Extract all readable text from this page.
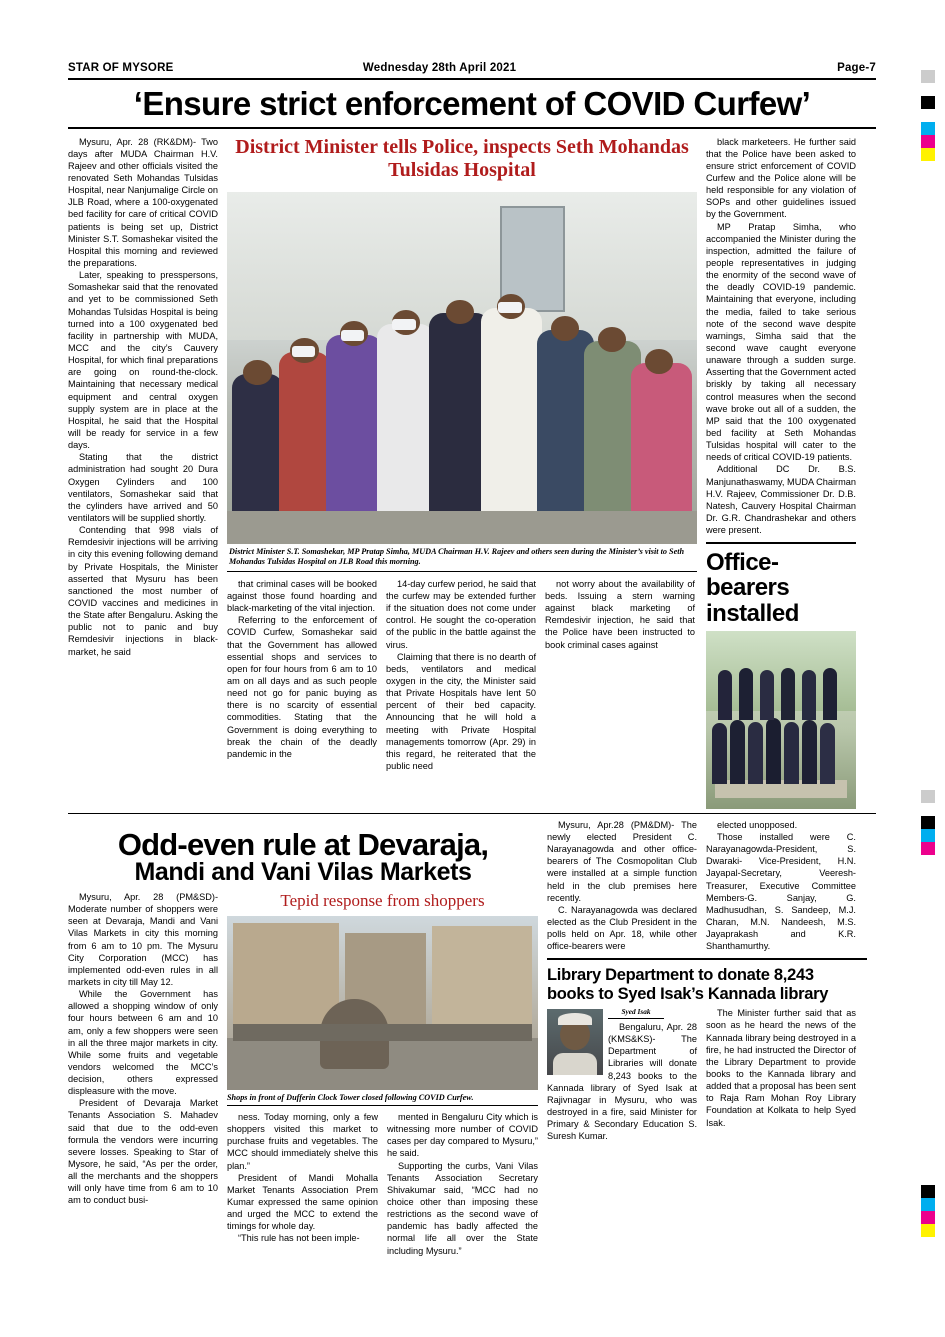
STAR OF MYSORE	Wednesday 28th April 2021	Page-7
‘Ensure strict enforcement of COVID Curfew’

Mysuru, Apr. 28 (RK&DM)- Two days after MUDA Chairman H.V. Rajeev and other officials visited the renovated Seth Mohandas Tulsidas Hospital, near Nanjumalige Circle on JLB Road, where a 100-oxygenated bed facility for care of critical COVID patients is being set up, District Minister S.T. Somashekar visited the Hospital this morning and reviewed the preparations.

Later, speaking to presspersons, Somashekar said that the renovated and yet to be commissioned Seth Mohandas Tulsidas Hospital is being turned into a 100 oxygenated bed facility in partnership with MUDA, MCC and the city’s Cauvery Hospital, for which final preparations are going on round-the-clock. Maintaining that necessary medical equipment and central oxygen supply system are in place at the Hospital, he said that the Hospital will be ready for service in a few days.

Stating that the district administration had sought 20 Dura Oxygen Cylinders and 100 ventilators, Somashekar said that the cylinders have arrived and 50 ventilators will be supplied shortly.

Contending that 998 vials of Remdesivir injections will be arriving in city this evening following demand by Private Hospitals, the Minister asserted that Mysuru has been sanctioned the most number of COVID vaccines and medicines in the State after Bengaluru. Asking the public not to panic and buy Remdesivir injections in black-market, he said

District Minister tells Police, inspects Seth Mohandas Tulsidas Hospital
District Minister S.T. Somashekar, MP Pratap Simha, MUDA Chairman H.V. Rajeev and others seen during the Minister’s visit to Seth Mohandas Tulsidas Hospital on JLB Road this morning.

that criminal cases will be booked against those found hoarding and black-marketing of the vital injection.

Referring to the enforcement of COVID Curfew, Somashekar said that the Government has allowed essential shops and services to open for four hours from 6 am to 10 am on all days and as such people need not go for panic buying as there is no scarcity of essential commodities. Stating that the Government is doing everything to break the chain of the deadly pandemic in the

14-day curfew period, he said that the curfew may be extended further if the situation does not come under control. He sought the co-operation of the public in the battle against the virus.

Claiming that there is no dearth of beds, ventilators and medical oxygen in the city, the Minister said that Private Hospitals have lent 50 percent of their bed capacity. Announcing that he will hold a meeting with Private Hospital managements tomorrow (Apr. 29) in this regard, he reiterated that the public need

not worry about the availability of beds. Issuing a stern warning against black marketing of Remdesivir injection, he said that the Police have been instructed to book criminal cases against

black marketeers. He further said that the Police have been asked to ensure strict enforcement of COVID Curfew and the Police alone will be held responsible for any violation of SOPs and other guidelines issued by the Government.

MP Pratap Simha, who accompanied the Minister during the inspection, admitted the failure of people representatives in judging the enormity of the second wave of the deadly COVID-19 pandemic. Maintaining that everyone, including the media, failed to take serious note of the second wave despite warnings, Simha said that the second wave caught everyone unaware through a sudden surge. Asserting that the Government acted briskly by taking all necessary control measures when the second wave broke out all of a sudden, the MP said that the 100 oxygenated bed facility at Seth Mohandas Tulsidas hospital will cater to the needs of critical COVID-19 patients.

Additional DC Dr. B.S. Manjunathaswamy, MUDA Chairman H.V. Rajeev, Commissioner Dr. D.B. Natesh, Cauvery Hospital Chairman Dr. G.R. Chandrashekar and others were present.

Office-bearers installed
Odd-even rule at Devaraja,
Mandi and Vani Vilas Markets

Mysuru, Apr. 28 (PM&SD)- Moderate number of shoppers were seen at Devaraja, Mandi and Vani Vilas Markets in city this morning from 6 am to 10 pm. The Mysuru City Corporation (MCC) has implemented odd-even rules in all markets in city till May 12.

While the Government has allowed a shopping window of only four hours between 6 am and 10 am, only a few shoppers were seen in all the three major markets in city. While some fruits and vegetable vendors welcomed the MCC’s decision, others expressed displeasure with the move.

President of Devaraja Market Tenants Association S. Mahadev said that due to the odd-even formula the vendors were incurring severe losses. Speaking to Star of Mysore, he said, “As per the order, all the merchants and the shoppers will only have time from 6 am to 10 am to conduct busi-

Tepid response from shoppers
Shops in front of Dufferin Clock Tower closed following COVID Curfew.

ness. Today morning, only a few shoppers visited this market to purchase fruits and vegetables. The MCC should immediately shelve this plan.”

President of Mandi Mohalla Market Tenants Association Prem Kumar expressed the same opinion and urged the MCC to extend the timings for whole day.

“This rule has not been imple-

mented in Bengaluru City which is witnessing more number of COVID cases per day compared to Mysuru,” he said.

Supporting the curbs, Vani Vilas Tenants Association Secretary Shivakumar said, “MCC had no choice other than imposing these restrictions as the second wave of pandemic has badly affected the normal life all over the State including Mysuru.”

Mysuru, Apr.28 (PM&DM)- The newly elected President C. Narayanagowda and other office-bearers of The Cosmopolitan Club were installed at a simple function held in the club premises here recently.

C. Narayanagowda was declared elected as the Club President in the polls held on Apr. 18, while other office-bearers were

elected unopposed.

Those installed were C. Narayanagowda-President, S. Dwaraki- Vice-President, H.N. Jayapal-Secretary, Veeresh-Treasurer, Executive Committee Members-G. Sanjay, G. Madhusudhan, S. Sandeep, M.J. Charan, M.N. Nandeesh, M.S. Jayaprakash and K.R. Shanthamurthy.

Library Department to donate 8,243
books to Syed Isak’s Kannada library
Syed Isak

Bengaluru, Apr. 28 (KMS&KS)- The Department of Libraries will donate 8,243 books to the Kannada library of Syed Isak at Rajivnagar in Mysuru, who was destroyed in a fire, said Minister for Primary & Secondary Education S. Suresh Kumar.

The Minister further said that as soon as he heard the news of the Kannada library being destroyed in a fire, he had instructed the Director of the Library Department to provide books to the Kannada library and added that a proposal has been sent to Raja Ram Mohan Roy Library Foundation at Kolkata to help Syed Isak.
